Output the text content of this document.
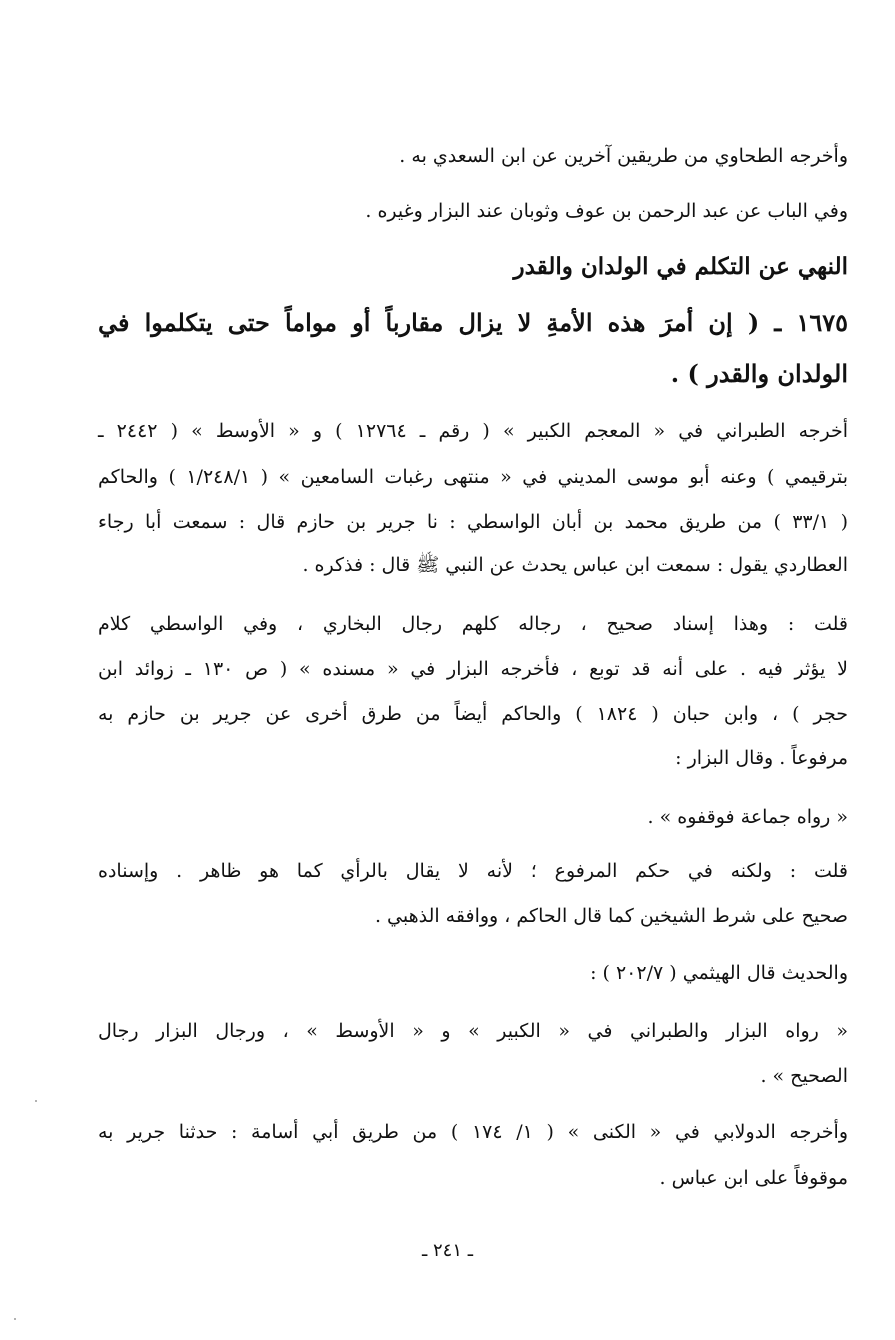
وأخرجه الطحاوي من طريقين آخرين عن ابن السعدي به .
وفي الباب عن عبد الرحمن بن عوف وثوبان عند البزار وغيره .
النهي عن التكلم في الولدان والقدر
١٦٧٥ ـ ( إن أمرَ هذه الأمةِ لا يزال مقارباً أو مواماً حتى يتكلموا في
الولدان والقدر ) .
أخرجه الطبراني في « المعجم الكبير » ( رقم ـ ١٢٧٦٤ ) و « الأوسط » ( ٢٤٤٢ ـ
بترقيمي ) وعنه أبو موسى المديني في « منتهى رغبات السامعين » ( ١/٢٤٨/١ ) والحاكم
( ٣٣/١ ) من طريق محمد بن أبان الواسطي : نا جرير بن حازم قال : سمعت أبا رجاء
العطاردي يقول : سمعت ابن عباس يحدث عن النبي ﷺ قال : فذكره .
قلت : وهذا إسناد صحيح ، رجاله كلهم رجال البخاري ، وفي الواسطي كلام
لا يؤثر فيه . على أنه قد توبع ، فأخرجه البزار في « مسنده » ( ص ١٣٠ ـ زوائد ابن
حجر ) ، وابن حبان ( ١٨٢٤ ) والحاكم أيضاً من طرق أخرى عن جرير بن حازم به
مرفوعاً . وقال البزار :
« رواه جماعة فوقفوه » .
قلت : ولكنه في حكم المرفوع ؛ لأنه لا يقال بالرأي كما هو ظاهر . وإسناده
صحيح على شرط الشيخين كما قال الحاكم ، ووافقه الذهبي .
والحديث قال الهيثمي ( ٢٠٢/٧ ) :
« رواه البزار والطبراني في « الكبير » و « الأوسط » ، ورجال البزار رجال
الصحيح » .
وأخرجه الدولابي في « الكنى » ( ١/ ١٧٤ ) من طريق أبي أسامة : حدثنا جرير به
موقوفاً على ابن عباس .
ـ ٢٤١ ـ
